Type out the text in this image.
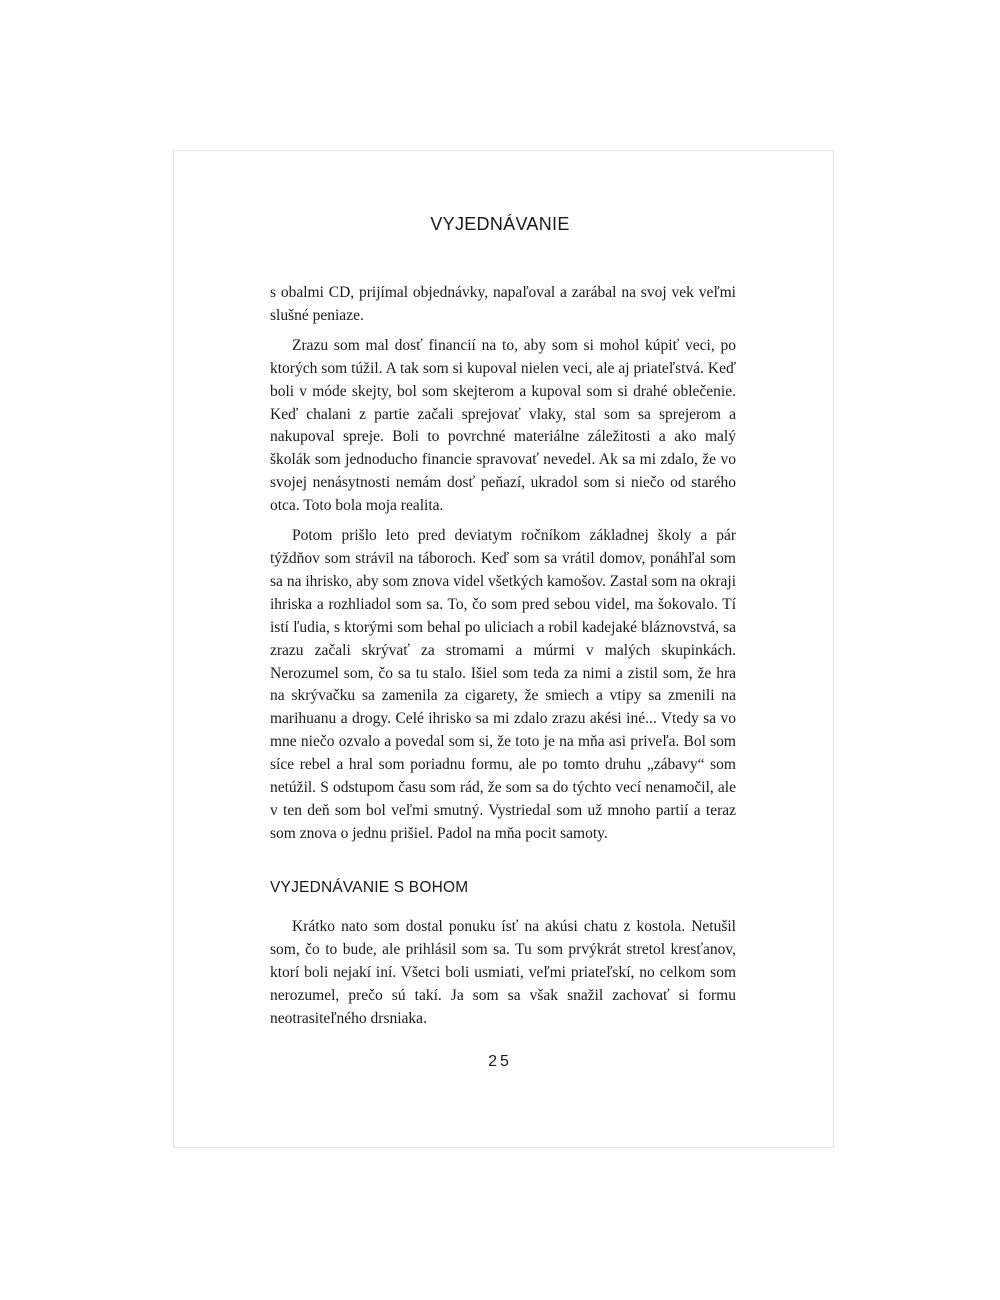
VYJEDNÁVANIE

s obalmi CD, prijímal objednávky, napaľoval a zarábal na svoj vek veľmi slušné peniaze.

Zrazu som mal dosť financií na to, aby som si mohol kúpiť veci, po ktorých som túžil. A tak som si kupoval nielen veci, ale aj priateľstvá. Keď boli v móde skejty, bol som skejterom a kupoval som si drahé oblečenie. Keď chalani z partie začali sprejovať vlaky, stal som sa sprejerom a nakupoval spreje. Boli to povrchné materiálne záležitosti a ako malý školák som jednoducho financie spravovať nevedel. Ak sa mi zdalo, že vo svojej nenásytnosti nemám dosť peňazí, ukradol som si niečo od starého otca. Toto bola moja realita.

Potom prišlo leto pred deviatym ročníkom základnej školy a pár týždňov som strávil na táboroch. Keď som sa vrátil domov, ponáhľal som sa na ihrisko, aby som znova videl všetkých kamošov. Zastal som na okraji ihriska a rozhliadol som sa. To, čo som pred sebou videl, ma šokovalo. Tí istí ľudia, s ktorými som behal po uliciach a robil kadejaké bláznovstvá, sa zrazu začali skrývať za stromami a múrmi v malých skupinkách. Nerozumel som, čo sa tu stalo. Išiel som teda za nimi a zistil som, že hra na skrývačku sa zamenila za cigarety, že smiech a vtipy sa zmenili na marihuanu a drogy. Celé ihrisko sa mi zdalo zrazu akési iné... Vtedy sa vo mne niečo ozvalo a povedal som si, že toto je na mňa asi priveľa. Bol som síce rebel a hral som poriadnu formu, ale po tomto druhu „zábavy“ som netúžil. S odstupom času som rád, že som sa do týchto vecí nenamočil, ale v ten deň som bol veľmi smutný. Vystriedal som už mnoho partií a teraz som znova o jednu prišiel. Padol na mňa pocit samoty.

VYJEDNÁVANIE S BOHOM

Krátko nato som dostal ponuku ísť na akúsi chatu z kostola. Netušil som, čo to bude, ale prihlásil som sa. Tu som prvýkrát stretol kresťanov, ktorí boli nejakí iní. Všetci boli usmiati, veľmi priateľskí, no celkom som nerozumel, prečo sú takí. Ja som sa však snažil zachovať si formu neotrasiteľného drsniaka.

25
